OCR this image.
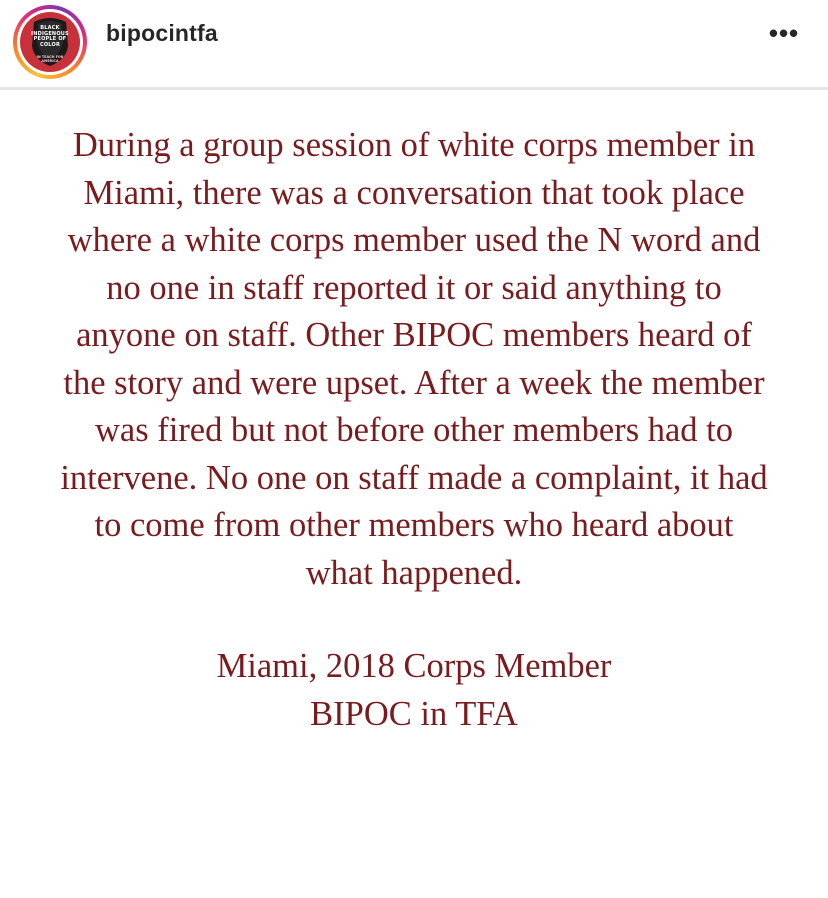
BLACK INDIGENOUS PEOPLE OF COLOR
IN TEACH FOR AMERICA
bipocintfa	•••
During a group session of white corps member in
Miami, there was a conversation that took place
where a white corps member used the N word and
no one in staff reported it or said anything to
anyone on staff. Other BIPOC members heard of
the story and were upset. After a week the member
was fired but not before other members had to
intervene. No one on staff made a complaint, it had
to come from other members who heard about
what happened.
Miami, 2018 Corps Member
BIPOC in TFA
